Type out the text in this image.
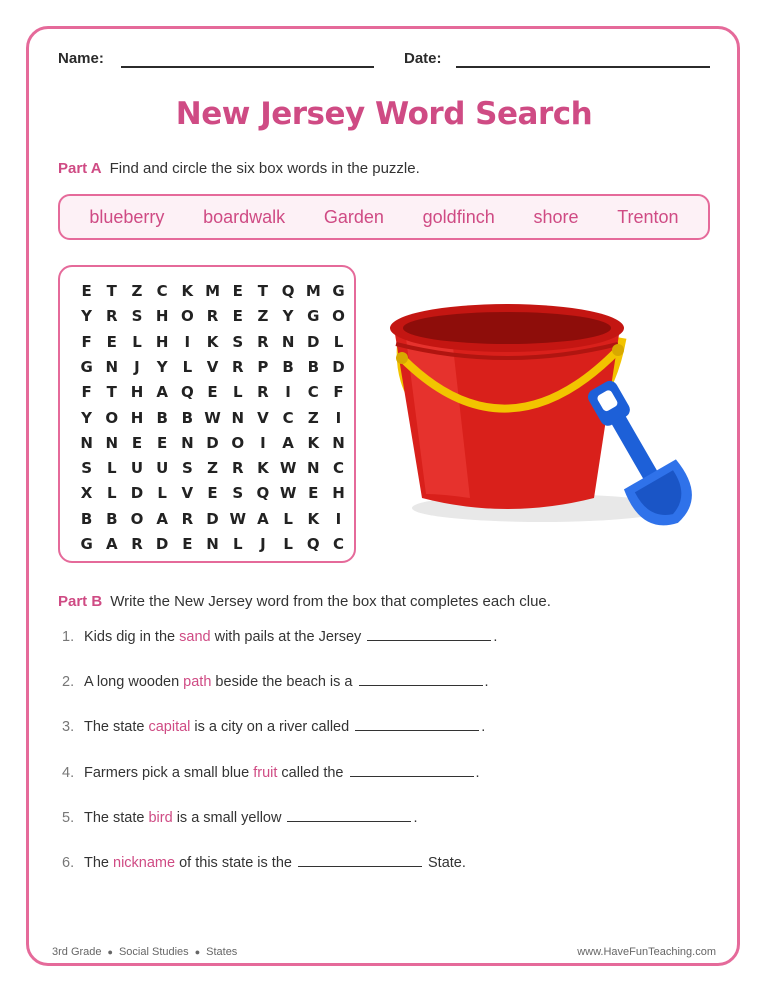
Name:	Date:
New Jersey Word Search
Part A Find and circle the six box words in the puzzle.
blueberry boardwalk Garden goldfinch shore Trenton
E T Z C K M E T Q M G
Y R S H O R E Z Y G O
F E	L H	I	K S R N D L
G N	J	Y L V R P B B D
F T H A Q E	L R	I	C F
Y O H B B W N V C Z	I
N N E E N D O	I	A K N
S	L U U S Z R K W N C
X L D L V E S Q W E H
B B O A R D W A L K	I
G A R D E N L	J	L Q C
Part B Write the New Jersey word from the box that completes each clue.
1. Kids dig in the sand with pails at the Jersey	.
2. A long wooden path beside the beach is a	.
3. The state capital is a city on a river called	.
4. Farmers pick a small blue fruit called the	.
5. The state bird is a small yellow	.
6. The nickname of this state is the	State.
3rd Grade ● Social Studies ● States	www.HaveFunTeaching.com
